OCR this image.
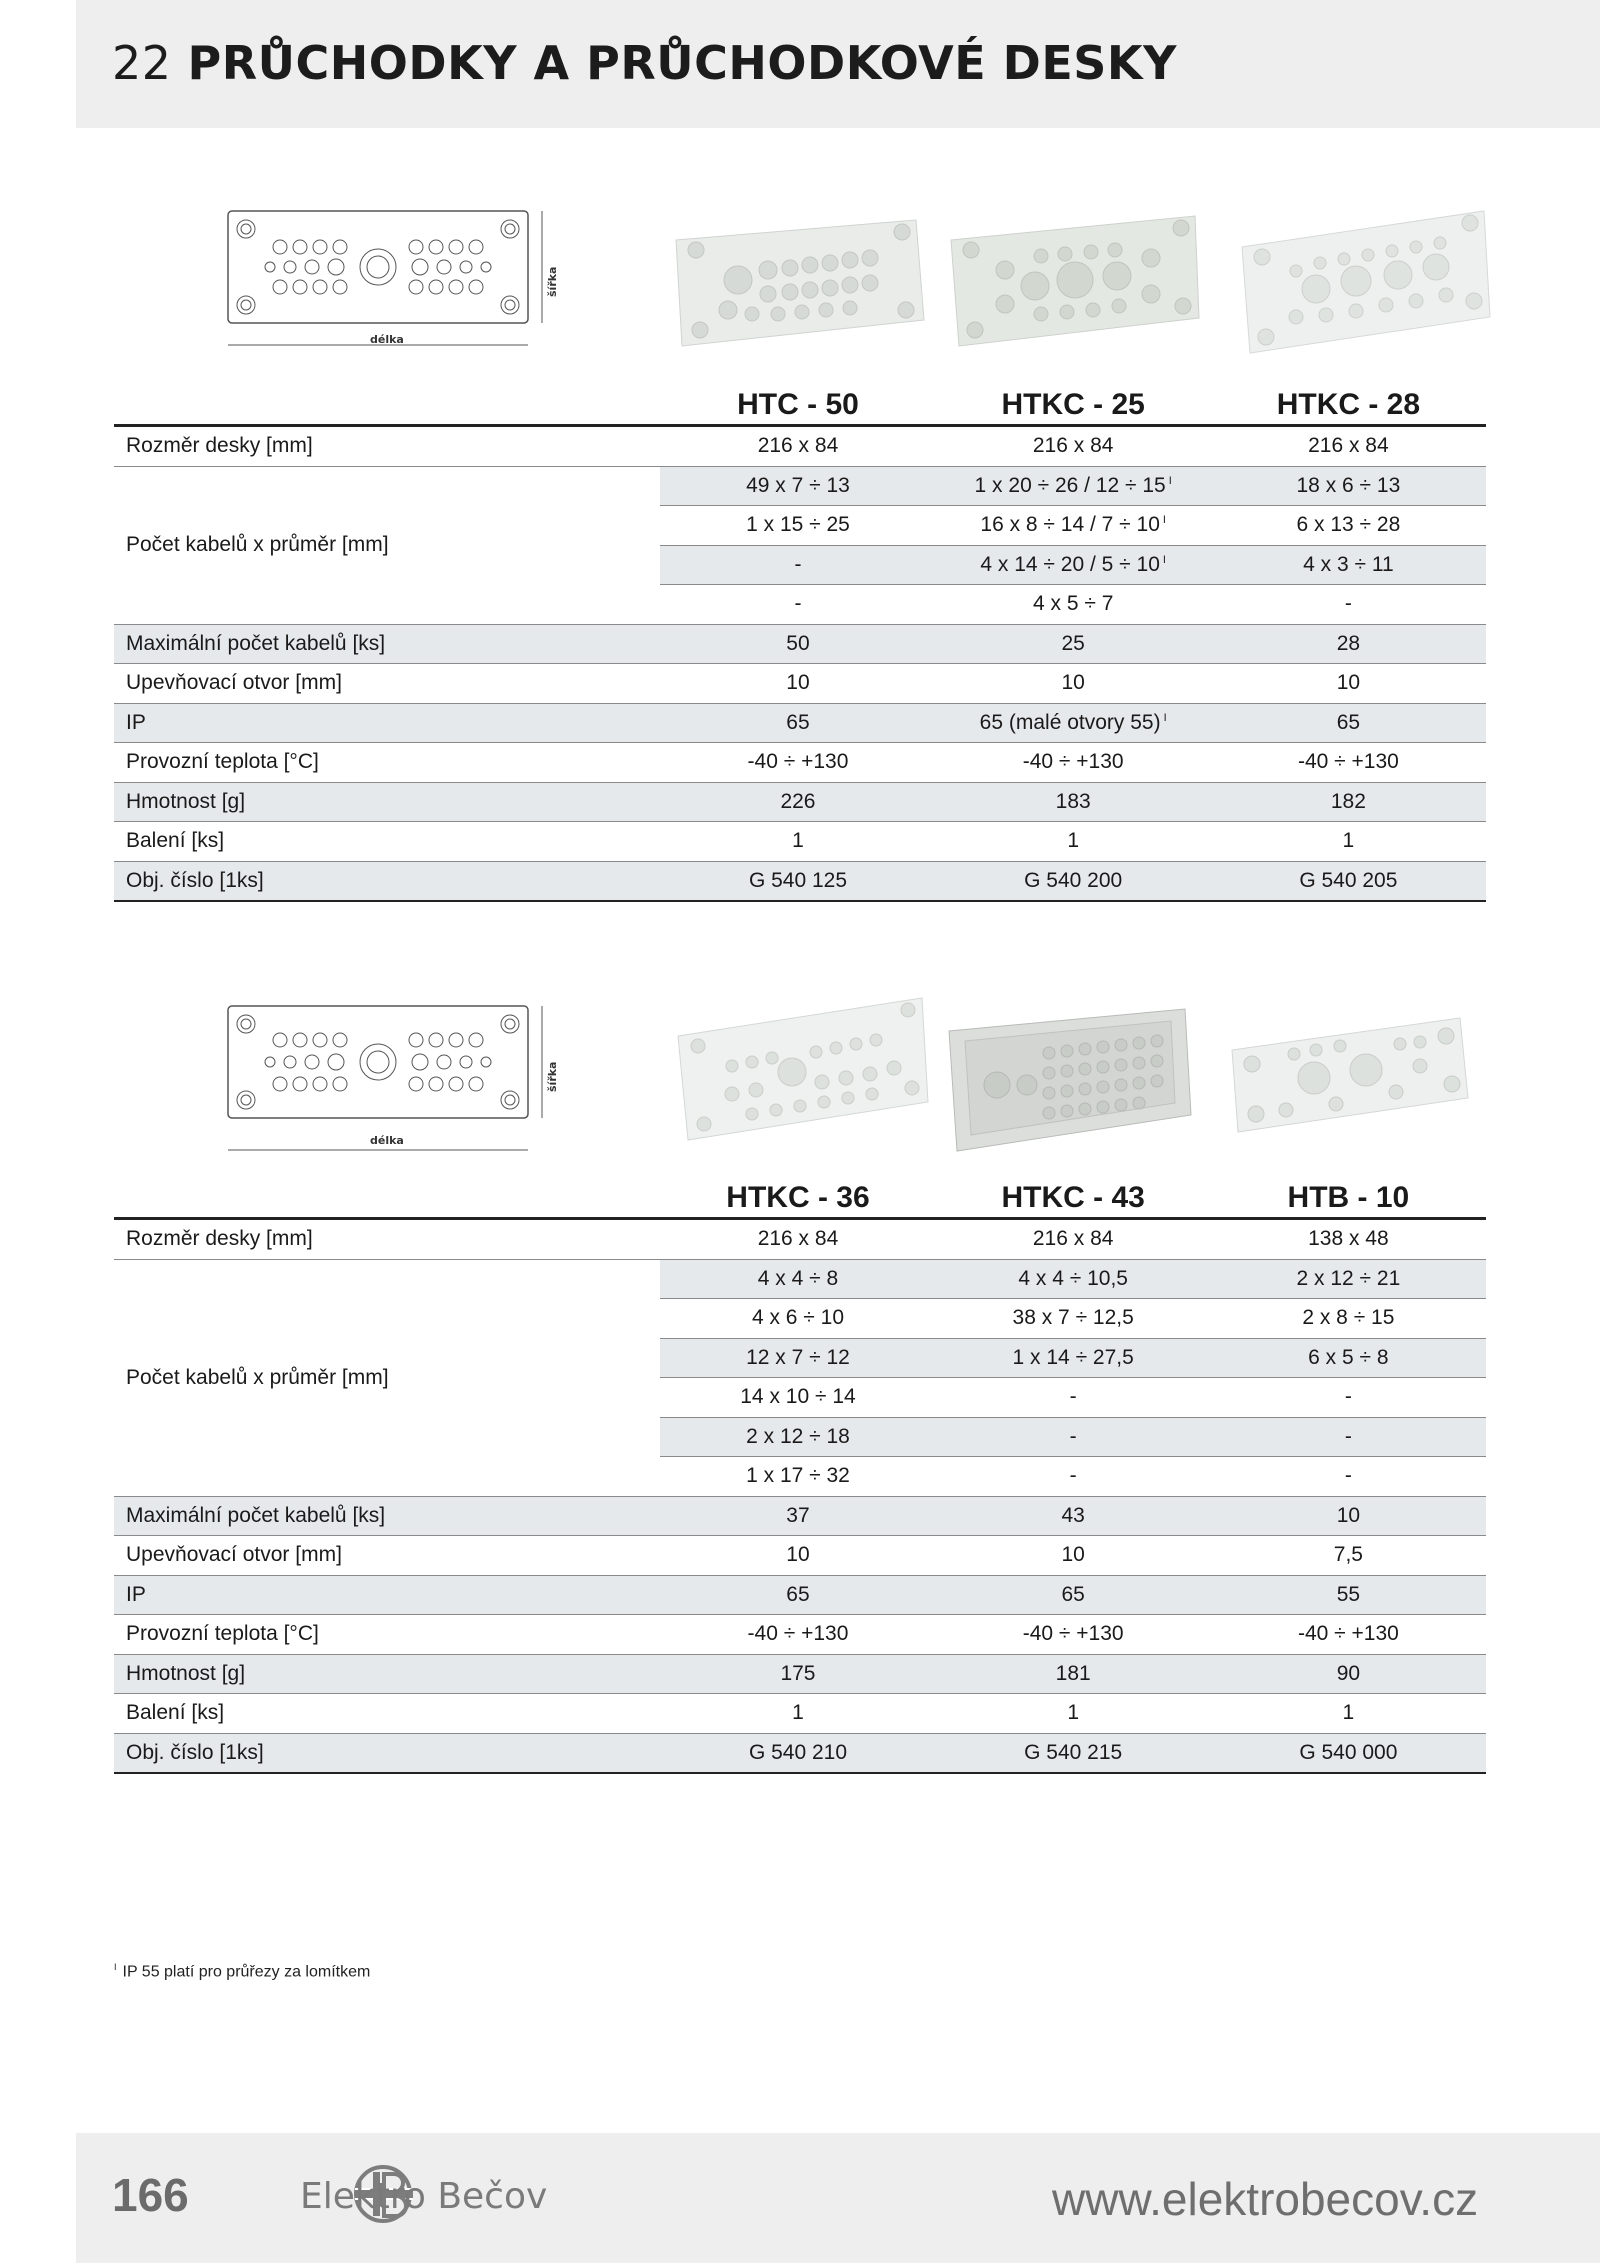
22 PRŮCHODKY A PRŮCHODKOVÉ DESKY
délka
šířka
	HTC - 50	HTKC - 25	HTKC - 28
Rozměr desky [mm]	216 x 84	216 x 84	216 x 84
Počet kabelů x průměr [mm]	49 x 7 ÷ 13	1 x 20 ÷ 26 / 12 ÷ 15 $^I$	18 x 6 ÷ 13
	1 x 15 ÷ 25	16 x 8 ÷ 14 / 7 ÷ 10 $^I$	6 x 13 ÷ 28
	-	4 x 14 ÷ 20 / 5 ÷ 10 $^I$	4 x 3 ÷ 11
	-	4 x 5 ÷ 7	-
Maximální počet kabelů [ks]	50	25	28
Upevňovací otvor [mm]	10	10	10
IP	65	65 (malé otvory 55) $^I$	65
Provozní teplota [°C]	-40 ÷ +130	-40 ÷ +130	-40 ÷ +130
Hmotnost [g]	226	183	182
Balení [ks]	1	1	1
Obj. číslo [1ks]	G 540 125	G 540 200	G 540 205
délka
šířka
	HTKC - 36	HTKC - 43	HTB - 10
Rozměr desky [mm]	216 x 84	216 x 84	138 x 48
Počet kabelů x průměr [mm]	4 x 4 ÷ 8	4 x 4 ÷ 10,5	2 x 12 ÷ 21
	4 x 6 ÷ 10	38 x 7 ÷ 12,5	2 x 8 ÷ 15
	12 x 7 ÷ 12	1 x 14 ÷ 27,5	6 x 5 ÷ 8
	14 x 10 ÷ 14	-	-
	2 x 12 ÷ 18	-	-
	1 x 17 ÷ 32	-	-
Maximální počet kabelů [ks]	37	43	10
Upevňovací otvor [mm]	10	10	7,5
IP	65	65	55
Provozní teplota [°C]	-40 ÷ +130	-40 ÷ +130	-40 ÷ +130
Hmotnost [g]	175	181	90
Balení [ks]	1	1	1
Obj. číslo [1ks]	G 540 210	G 540 215	G 540 000
$^I$ IP 55 platí pro průřezy za lomítkem
166	Elektro Bečov	www.elektrobecov.cz
